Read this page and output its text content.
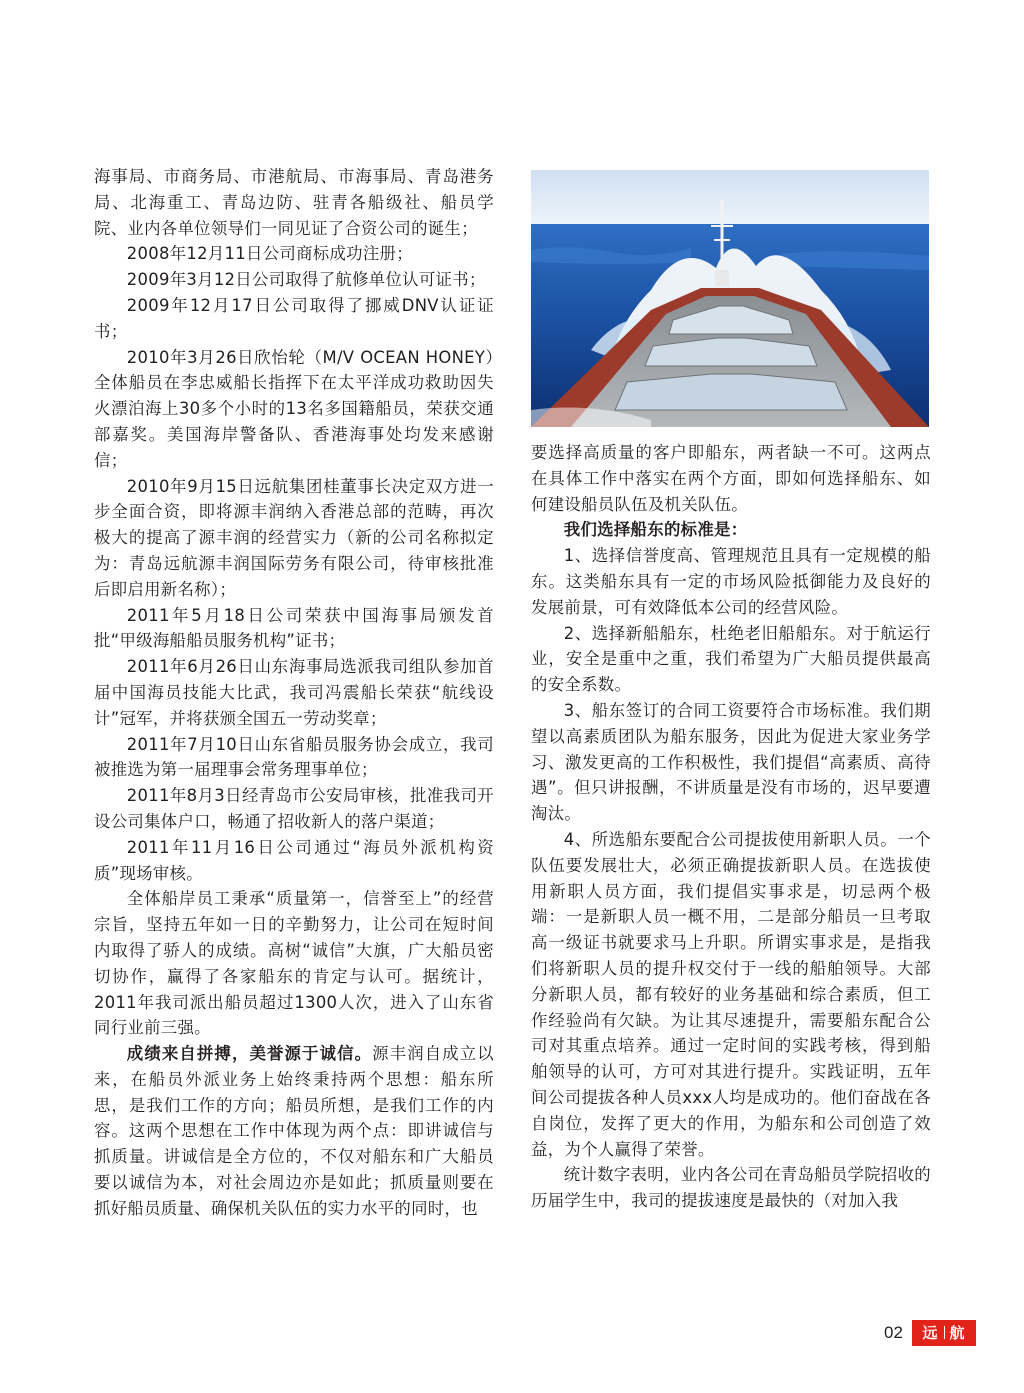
海事局、市商务局、市港航局、市海事局、青岛港务局、北海重工、青岛边防、驻青各船级社、船员学院、业内各单位领导们一同见证了合资公司的诞生；

2008年12月11日公司商标成功注册；

2009年3月12日公司取得了航修单位认可证书；

2009年12月17日公司取得了挪威DNV认证证书；

2010年3月26日欣怡轮（M/V OCEAN HONEY）全体船员在李忠威船长指挥下在太平洋成功救助因失火漂泊海上30多个小时的13名多国籍船员，荣获交通部嘉奖。美国海岸警备队、香港海事处均发来感谢信；

2010年9月15日远航集团桂董事长决定双方进一步全面合资，即将源丰润纳入香港总部的范畴，再次极大的提高了源丰润的经营实力（新的公司名称拟定为：青岛远航源丰润国际劳务有限公司，待审核批准后即启用新名称）；

2011年5月18日公司荣获中国海事局颁发首批“甲级海船船员服务机构”证书；

2011年6月26日山东海事局选派我司组队参加首届中国海员技能大比武，我司冯震船长荣获“航线设计”冠军，并将获颁全国五一劳动奖章；

2011年7月10日山东省船员服务协会成立，我司被推选为第一届理事会常务理事单位；

2011年8月3日经青岛市公安局审核，批准我司开设公司集体户口，畅通了招收新人的落户渠道；

2011年11月16日公司通过“海员外派机构资质”现场审核。

全体船岸员工秉承“质量第一，信誉至上”的经营宗旨，坚持五年如一日的辛勤努力，让公司在短时间内取得了骄人的成绩。高树“诚信”大旗，广大船员密切协作，赢得了各家船东的肯定与认可。据统计，2011年我司派出船员超过1300人次，进入了山东省同行业前三强。

成绩来自拼搏，美誉源于诚信。源丰润自成立以来，在船员外派业务上始终秉持两个思想：船东所思，是我们工作的方向；船员所想，是我们工作的内容。这两个思想在工作中体现为两个点：即讲诚信与抓质量。讲诚信是全方位的，不仅对船东和广大船员要以诚信为本，对社会周边亦是如此；抓质量则要在抓好船员质量、确保机关队伍的实力水平的同时，也

要选择高质量的客户即船东，两者缺一不可。这两点在具体工作中落实在两个方面，即如何选择船东、如何建设船员队伍及机关队伍。

我们选择船东的标准是：

1、选择信誉度高、管理规范且具有一定规模的船东。这类船东具有一定的市场风险抵御能力及良好的发展前景，可有效降低本公司的经营风险。

2、选择新船船东，杜绝老旧船船东。对于航运行业，安全是重中之重，我们希望为广大船员提供最高的安全系数。

3、船东签订的合同工资要符合市场标准。我们期望以高素质团队为船东服务，因此为促进大家业务学习、激发更高的工作积极性，我们提倡“高素质、高待遇”。但只讲报酬，不讲质量是没有市场的，迟早要遭淘汰。

4、所选船东要配合公司提拔使用新职人员。一个队伍要发展壮大，必须正确提拔新职人员。在选拔使用新职人员方面，我们提倡实事求是，切忌两个极端：一是新职人员一概不用，二是部分船员一旦考取高一级证书就要求马上升职。所谓实事求是，是指我们将新职人员的提升权交付于一线的船舶领导。大部分新职人员，都有较好的业务基础和综合素质，但工作经验尚有欠缺。为让其尽速提升，需要船东配合公司对其重点培养。通过一定时间的实践考核，得到船舶领导的认可，方可对其进行提升。实践证明，五年间公司提拔各种人员xxx人均是成功的。他们奋战在各自岗位，发挥了更大的作用，为船东和公司创造了效益，为个人赢得了荣誉。

统计数字表明，业内各公司在青岛船员学院招收的历届学生中，我司的提拔速度是最快的（对加入我

02	远 航
